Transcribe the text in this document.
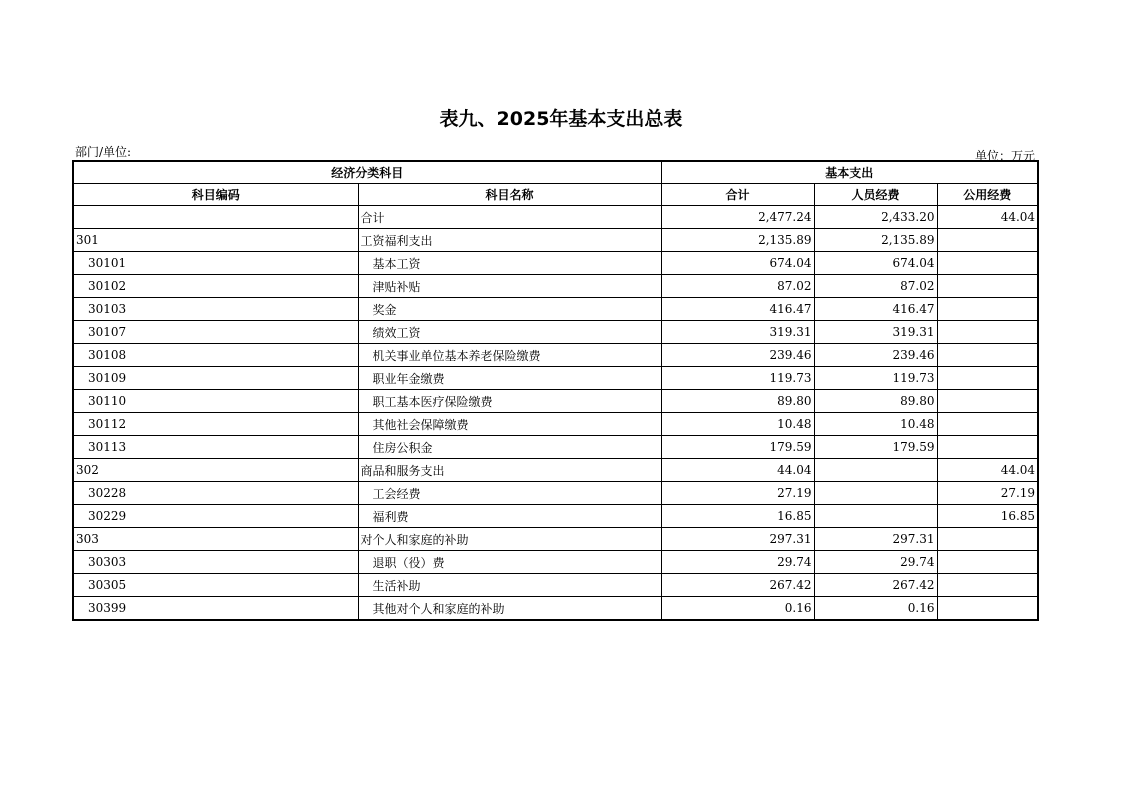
表九、2025年基本支出总表
部门/单位:	单位：万元
经济分类科目		基本支出		
科目编码	科目名称	合计	人员经费	公用经费
	合计	2,477.24	2,433.20	44.04
301	工资福利支出	2,135.89	2,135.89	
30101	基本工资	674.04	674.04	
30102	津贴补贴	87.02	87.02	
30103	奖金	416.47	416.47	
30107	绩效工资	319.31	319.31	
30108	机关事业单位基本养老保险缴费	239.46	239.46	
30109	职业年金缴费	119.73	119.73	
30110	职工基本医疗保险缴费	89.80	89.80	
30112	其他社会保障缴费	10.48	10.48	
30113	住房公积金	179.59	179.59	
302	商品和服务支出	44.04		44.04
30228	工会经费	27.19		27.19
30229	福利费	16.85		16.85
303	对个人和家庭的补助	297.31	297.31	
30303	退职（役）费	29.74	29.74	
30305	生活补助	267.42	267.42	
30399	其他对个人和家庭的补助	0.16	0.16	
